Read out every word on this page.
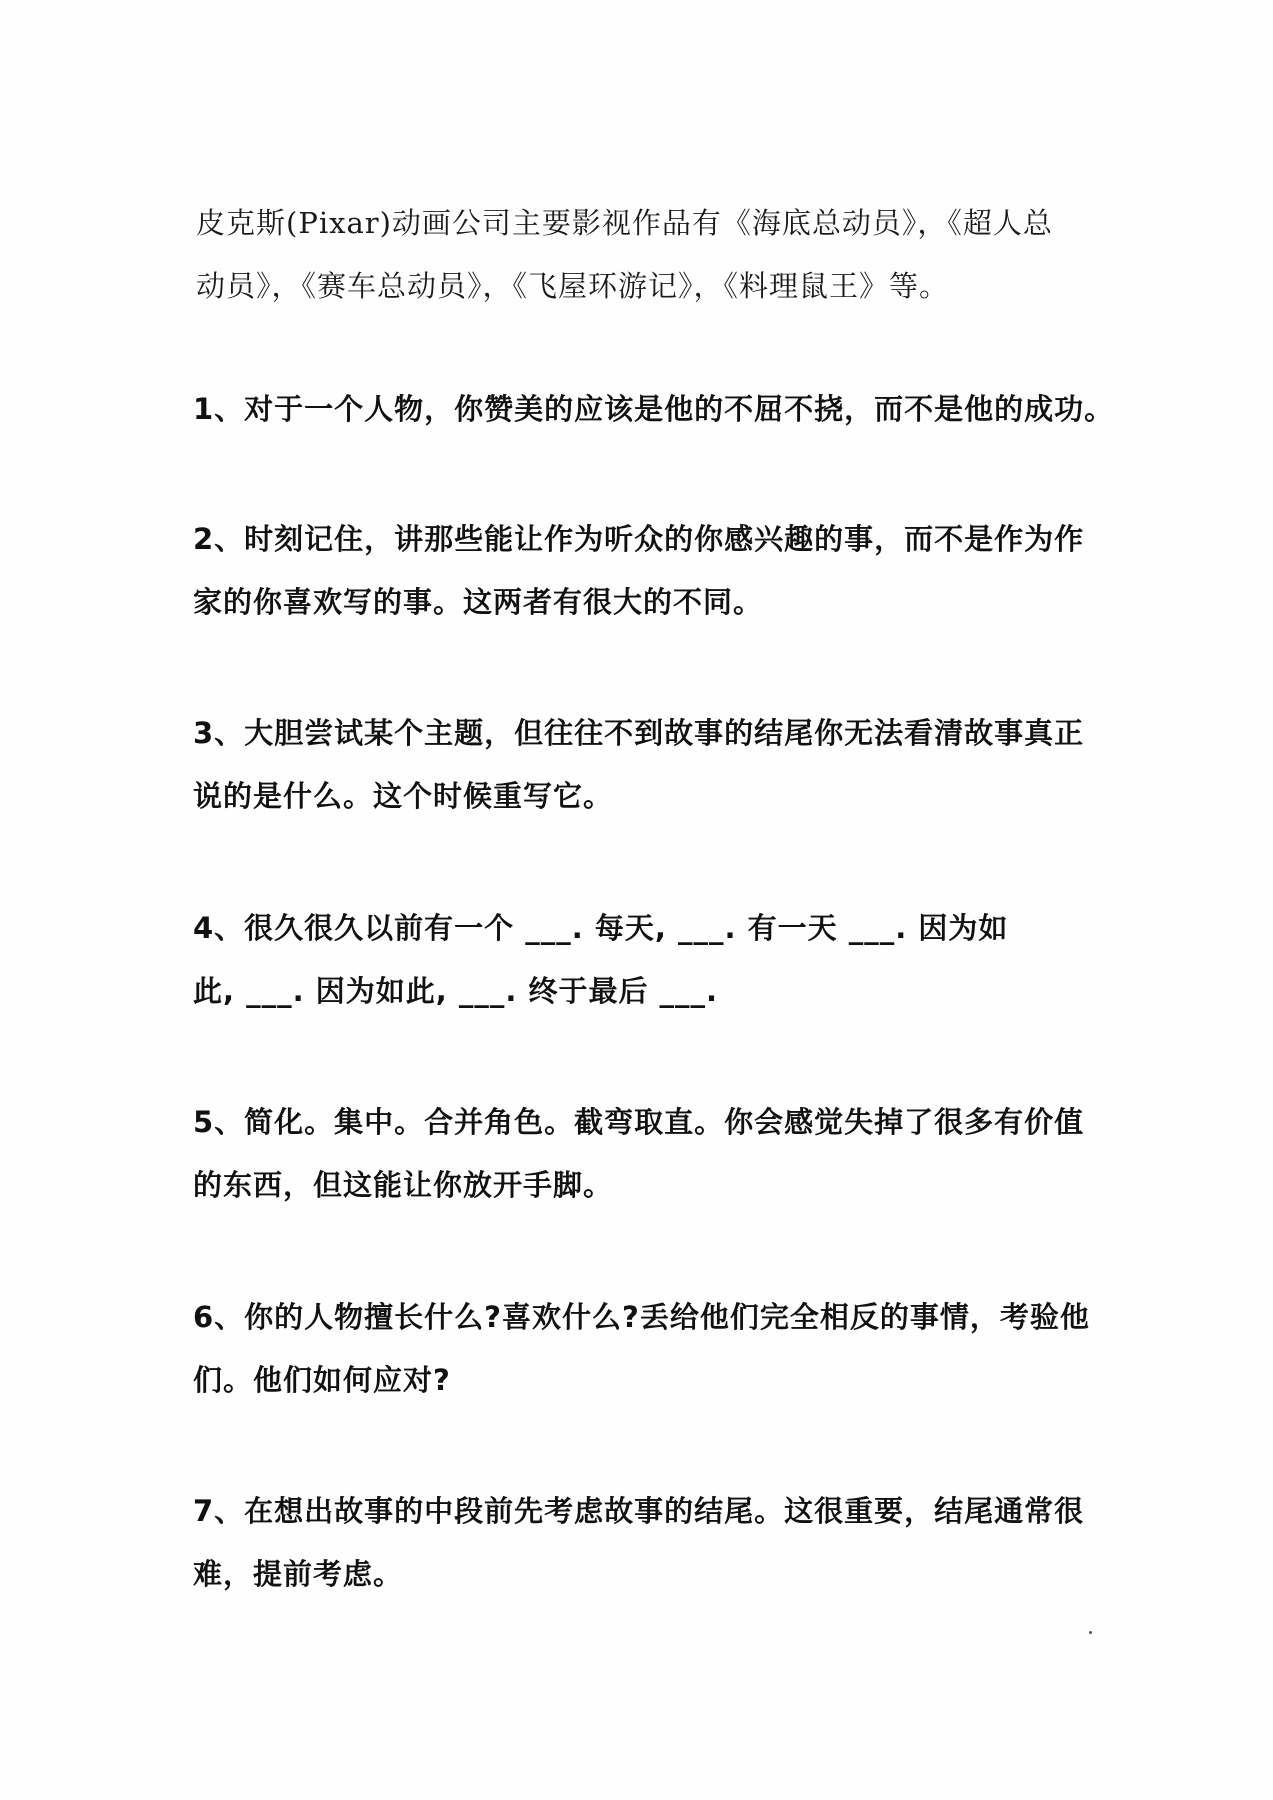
皮克斯(Pixar)动画公司主要影视作品有《海底总动员》，《超人总

动员》，《赛车总动员》，《飞屋环游记》，《料理鼠王》等。

1、对于一个人物，你赞美的应该是他的不屈不挠，而不是他的成功。

2、时刻记住，讲那些能让作为听众的你感兴趣的事，而不是作为作

家的你喜欢写的事。这两者有很大的不同。

3、大胆尝试某个主题，但往往不到故事的结尾你无法看清故事真正

说的是什么。这个时候重写它。

4、很久很久以前有一个 ___. 每天, ___. 有一天 ___. 因为如

此, ___. 因为如此, ___. 终于最后 ___.

5、简化。集中。合并角色。截弯取直。你会感觉失掉了很多有价值

的东西，但这能让你放开手脚。

6、你的人物擅长什么?喜欢什么?丢给他们完全相反的事情，考验他

们。他们如何应对?

7、在想出故事的中段前先考虑故事的结尾。这很重要，结尾通常很

难，提前考虑。
